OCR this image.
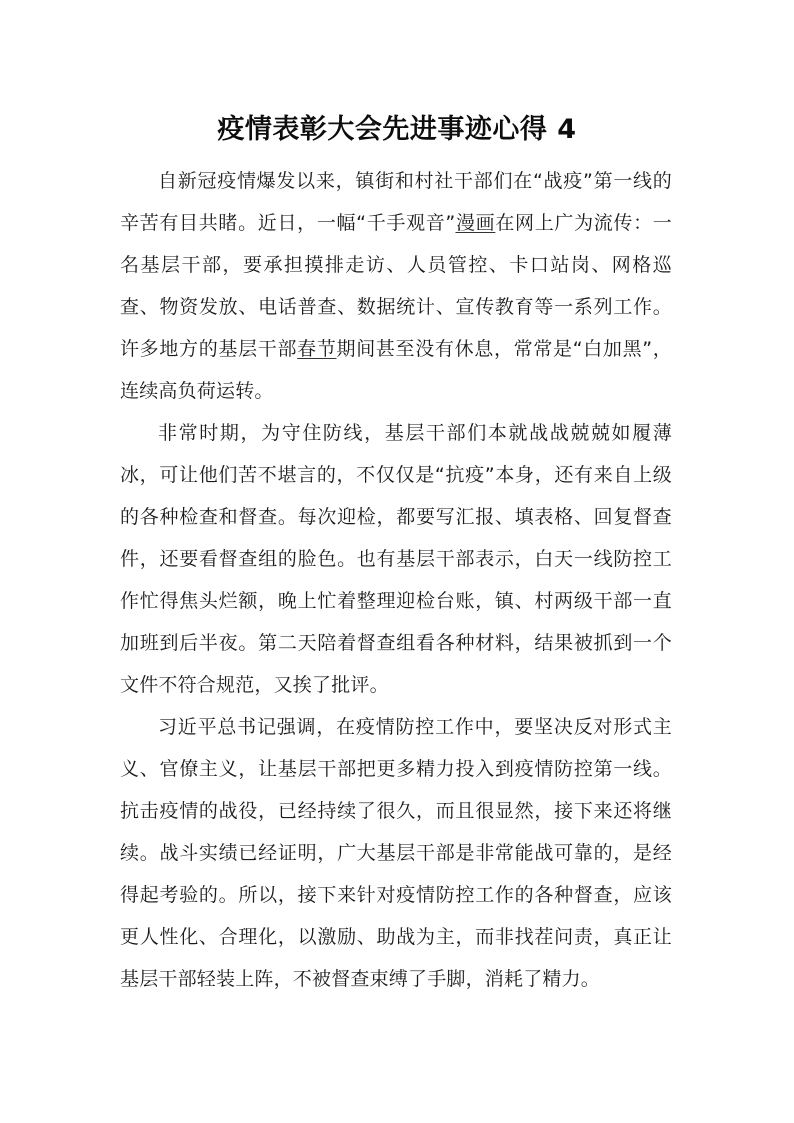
疫情表彰大会先进事迹心得 4

自新冠疫情爆发以来，镇街和村社干部们在“战疫”第一线的辛苦有目共睹。近日，一幅“千手观音”漫画在网上广为流传：一名基层干部，要承担摸排走访、人员管控、卡口站岗、网格巡查、物资发放、电话普查、数据统计、宣传教育等一系列工作。许多地方的基层干部春节期间甚至没有休息，常常是“白加黑”，连续高负荷运转。

非常时期，为守住防线，基层干部们本就战战兢兢如履薄冰，可让他们苦不堪言的，不仅仅是“抗疫”本身，还有来自上级的各种检查和督查。每次迎检，都要写汇报、填表格、回复督查件，还要看督查组的脸色。也有基层干部表示，白天一线防控工作忙得焦头烂额，晚上忙着整理迎检台账，镇、村两级干部一直加班到后半夜。第二天陪着督查组看各种材料，结果被抓到一个文件不符合规范，又挨了批评。

习近平总书记强调，在疫情防控工作中，要坚决反对形式主义、官僚主义，让基层干部把更多精力投入到疫情防控第一线。抗击疫情的战役，已经持续了很久，而且很显然，接下来还将继续。战斗实绩已经证明，广大基层干部是非常能战可靠的，是经得起考验的。所以，接下来针对疫情防控工作的各种督查，应该更人性化、合理化，以激励、助战为主，而非找茬问责，真正让基层干部轻装上阵，不被督查束缚了手脚，消耗了精力。
